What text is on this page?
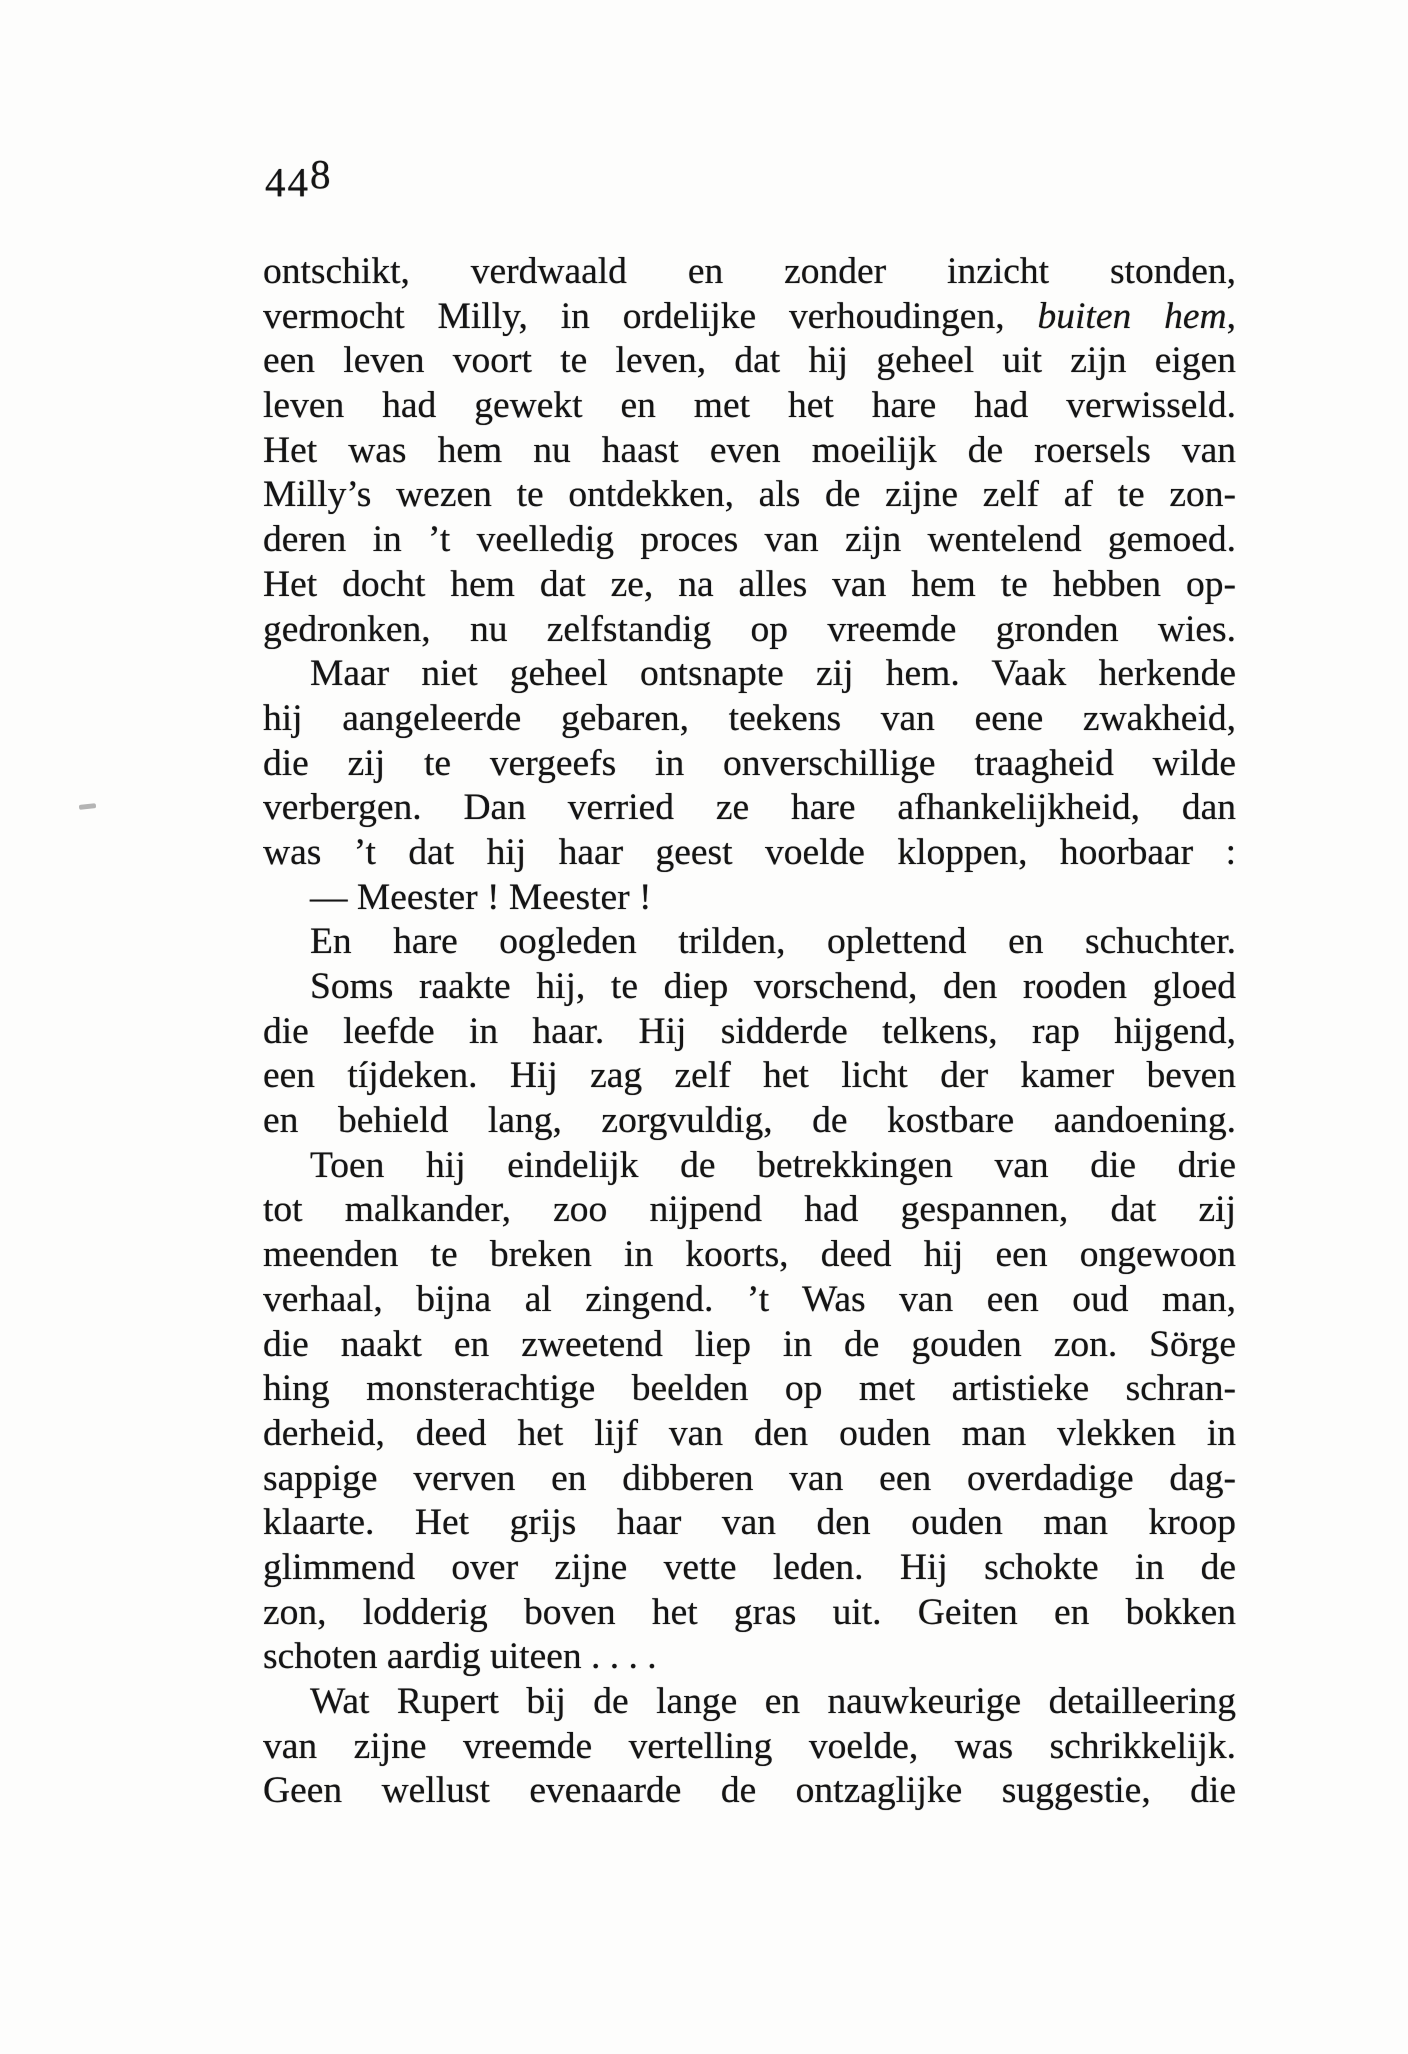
448
ontschikt, verdwaald en zonder inzicht stonden,
vermocht Milly, in ordelijke verhoudingen, buiten hem,
een leven voort te leven, dat hij geheel uit zijn eigen
leven had gewekt en met het hare had verwisseld.
Het was hem nu haast even moeilijk de roersels van
Milly’s wezen te ontdekken, als de zijne zelf af te zon-
deren in ’t veelledig proces van zijn wentelend gemoed.
Het docht hem dat ze, na alles van hem te hebben op-
gedronken, nu zelfstandig op vreemde gronden wies.
Maar niet geheel ontsnapte zij hem. Vaak herkende
hij aangeleerde gebaren, teekens van eene zwakheid,
die zij te vergeefs in onverschillige traagheid wilde
verbergen. Dan verried ze hare afhankelijkheid, dan
was ’t dat hij haar geest voelde kloppen, hoorbaar :
— Meester ! Meester !
En hare oogleden trilden, oplettend en schuchter.
Soms raakte hij, te diep vorschend, den rooden gloed
die leefde in haar. Hij sidderde telkens, rap hijgend,
een tíjdeken. Hij zag zelf het licht der kamer beven
en behield lang, zorgvuldig, de kostbare aandoening.
Toen hij eindelijk de betrekkingen van die drie
tot malkander, zoo nijpend had gespannen, dat zij
meenden te breken in koorts, deed hij een ongewoon
verhaal, bijna al zingend. ’t Was van een oud man,
die naakt en zweetend liep in de gouden zon. Sörge
hing monsterachtige beelden op met artistieke schran-
derheid, deed het lijf van den ouden man vlekken in
sappige verven en dibberen van een overdadige dag-
klaarte. Het grijs haar van den ouden man kroop
glimmend over zijne vette leden. Hij schokte in de
zon, lodderig boven het gras uit. Geiten en bokken
schoten aardig uiteen . . . .
Wat Rupert bij de lange en nauwkeurige detailleering
van zijne vreemde vertelling voelde, was schrikkelijk.
Geen wellust evenaarde de ontzaglijke suggestie, die
